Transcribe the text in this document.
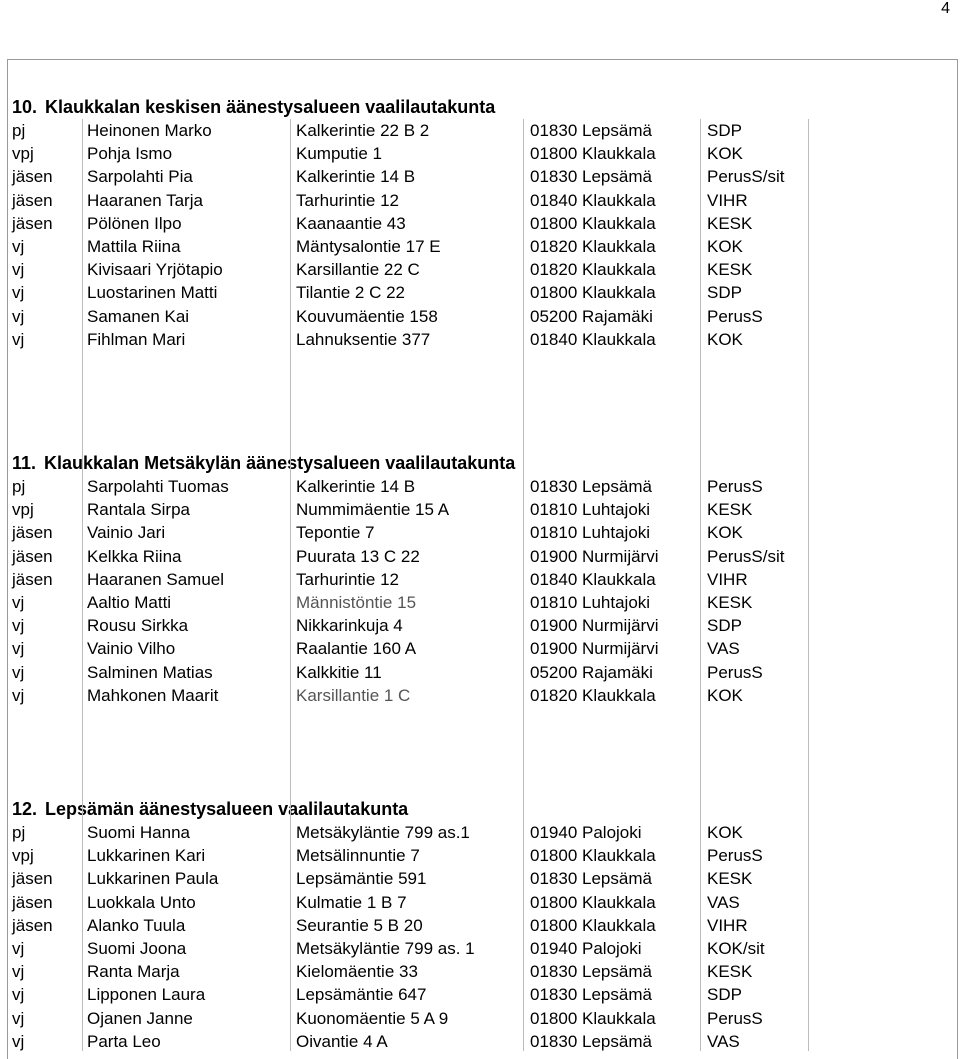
4
10. Klaukkalan keskisen äänestysalueen vaalilautakunta
pj	Heinonen Marko	Kalkerintie 22 B 2	01830 Lepsämä	SDP
vpj	Pohja Ismo	Kumputie 1	01800 Klaukkala	KOK
jäsen Sarpolahti Pia	Kalkerintie 14 B	01830 Lepsämä	PerusS/sit
jäsen Haaranen Tarja	Tarhurintie 12	01840 Klaukkala	VIHR
jäsen Pölönen Ilpo	Kaanaantie 43	01800 Klaukkala	KESK
vj	Mattila Riina	Mäntysalontie 17 E	01820 Klaukkala	KOK
vj	Kivisaari Yrjötapio	Karsillantie 22 C	01820 Klaukkala	KESK
vj	Luostarinen Matti	Tilantie 2 C 22	01800 Klaukkala	SDP
vj	Samanen Kai	Kouvumäentie 158	05200 Rajamäki	PerusS
vj	Fihlman Mari	Lahnuksentie 377	01840 Klaukkala	KOK
11. Klaukkalan Metsäkylän äänestysalueen vaalilautakunta
pj	Sarpolahti Tuomas	Kalkerintie 14 B	01830 Lepsämä	PerusS
vpj	Rantala Sirpa	Nummimäentie 15 A	01810 Luhtajoki	KESK
jäsen Vainio Jari	Tepontie 7	01810 Luhtajoki	KOK
jäsen Kelkka Riina	Puurata 13 C 22	01900 Nurmijärvi	PerusS/sit
jäsen Haaranen Samuel	Tarhurintie 12	01840 Klaukkala	VIHR
vj	Aaltio Matti	Männistöntie 15	01810 Luhtajoki	KESK
vj	Rousu Sirkka	Nikkarinkuja 4	01900 Nurmijärvi	SDP
vj	Vainio Vilho	Raalantie 160 A	01900 Nurmijärvi	VAS
vj	Salminen Matias	Kalkkitie 11	05200 Rajamäki	PerusS
vj	Mahkonen Maarit	Karsillantie 1 C	01820 Klaukkala	KOK
12. Lepsämän äänestysalueen vaalilautakunta
pj	Suomi Hanna	Metsäkyläntie 799 as.1	01940 Palojoki	KOK
vpj	Lukkarinen Kari	Metsälinnuntie 7	01800 Klaukkala	PerusS
jäsen Lukkarinen Paula	Lepsämäntie 591	01830 Lepsämä	KESK
jäsen Luokkala Unto	Kulmatie 1 B 7	01800 Klaukkala	VAS
jäsen Alanko Tuula	Seurantie 5 B 20	01800 Klaukkala	VIHR
vj	Suomi Joona	Metsäkyläntie 799 as. 1	01940 Palojoki	KOK/sit
vj	Ranta Marja	Kielomäentie 33	01830 Lepsämä	KESK
vj	Lipponen Laura	Lepsämäntie 647	01830 Lepsämä	SDP
vj	Ojanen Janne	Kuonomäentie 5 A 9	01800 Klaukkala	PerusS
vj	Parta Leo	Oivantie 4 A	01830 Lepsämä	VAS
